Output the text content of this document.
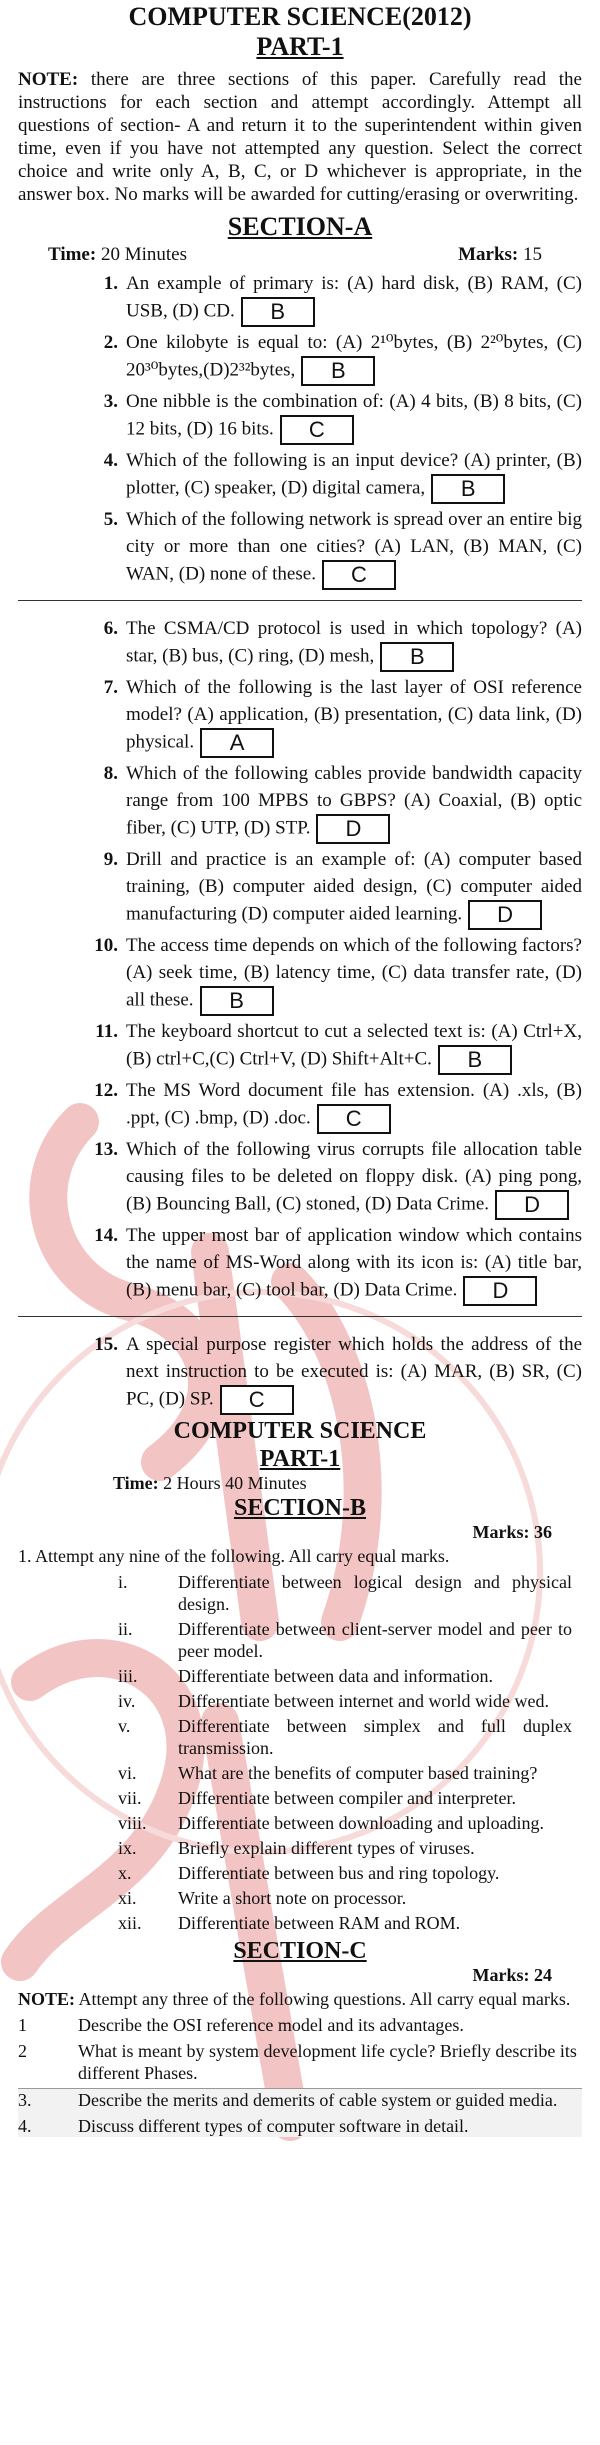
COMPUTER SCIENCE(2012)
PART-1

NOTE: there are three sections of this paper. Carefully read the instructions for each section and attempt accordingly. Attempt all questions of section- A and return it to the superintendent within given time, even if you have not attempted any question. Select the correct choice and write only A, B, C, or D whichever is appropriate, in the answer box. No marks will be awarded for cutting/erasing or overwriting.

SECTION-A
Time: 20 Minutes	Marks: 15
1. An example of primary is: (A) hard disk, (B) RAM, (C) USB, (D) CD. B
2. One kilobyte is equal to: (A) 2¹⁰bytes, (B) 2²⁰bytes, (C) 20³⁰bytes,(D)2³²bytes, B
3. One nibble is the combination of: (A) 4 bits, (B) 8 bits, (C) 12 bits, (D) 16 bits. C
4. Which of the following is an input device? (A) printer, (B) plotter, (C) speaker, (D) digital camera, B
5. Which of the following network is spread over an entire big city or more than one cities? (A) LAN, (B) MAN, (C) WAN, (D) none of these. C
6. The CSMA/CD protocol is used in which topology? (A) star, (B) bus, (C) ring, (D) mesh, B
7. Which of the following is the last layer of OSI reference model? (A) application, (B) presentation, (C) data link, (D) physical. A
8. Which of the following cables provide bandwidth capacity range from 100 MPBS to GBPS? (A) Coaxial, (B) optic fiber, (C) UTP, (D) STP. D
9. Drill and practice is an example of: (A) computer based training, (B) computer aided design, (C) computer aided manufacturing (D) computer aided learning. D
10. The access time depends on which of the following factors? (A) seek time, (B) latency time, (C) data transfer rate, (D) all these. B
11. The keyboard shortcut to cut a selected text is: (A) Ctrl+X, (B) ctrl+C,(C) Ctrl+V, (D) Shift+Alt+C. B
12. The MS Word document file has extension. (A) .xls, (B) .ppt, (C) .bmp, (D) .doc. C
13. Which of the following virus corrupts file allocation table causing files to be deleted on floppy disk. (A) ping pong, (B) Bouncing Ball, (C) stoned, (D) Data Crime. D
14. The upper most bar of application window which contains the name of MS-Word along with its icon is: (A) title bar,(B) menu bar, (C) tool bar, (D) Data Crime. D
15. A special purpose register which holds the address of the next instruction to be executed is: (A) MAR, (B) SR, (C) PC, (D) SP. C
COMPUTER SCIENCE
PART-1
Time: 2 Hours 40 Minutes
SECTION-B
Marks: 36
1. Attempt any nine of the following. All carry equal marks.
i.	Differentiate between logical design and physical design.
ii.	Differentiate between client-server model and peer to peer model.
iii.	Differentiate between data and information.
iv.	Differentiate between internet and world wide wed.
v.	Differentiate between simplex and full duplex transmission.
vi.	What are the benefits of computer based training?
vii.	Differentiate between compiler and interpreter.
viii.	Differentiate between downloading and uploading.
ix.	Briefly explain different types of viruses.
x.	Differentiate between bus and ring topology.
xi.	Write a short note on processor.
xii.	Differentiate between RAM and ROM.
SECTION-C
Marks: 24
NOTE: Attempt any three of the following questions. All carry equal marks.
1	Describe the OSI reference model and its advantages.
2	What is meant by system development life cycle? Briefly describe its different Phases.
3.	Describe the merits and demerits of cable system or guided media.
4.	Discuss different types of computer software in detail.
